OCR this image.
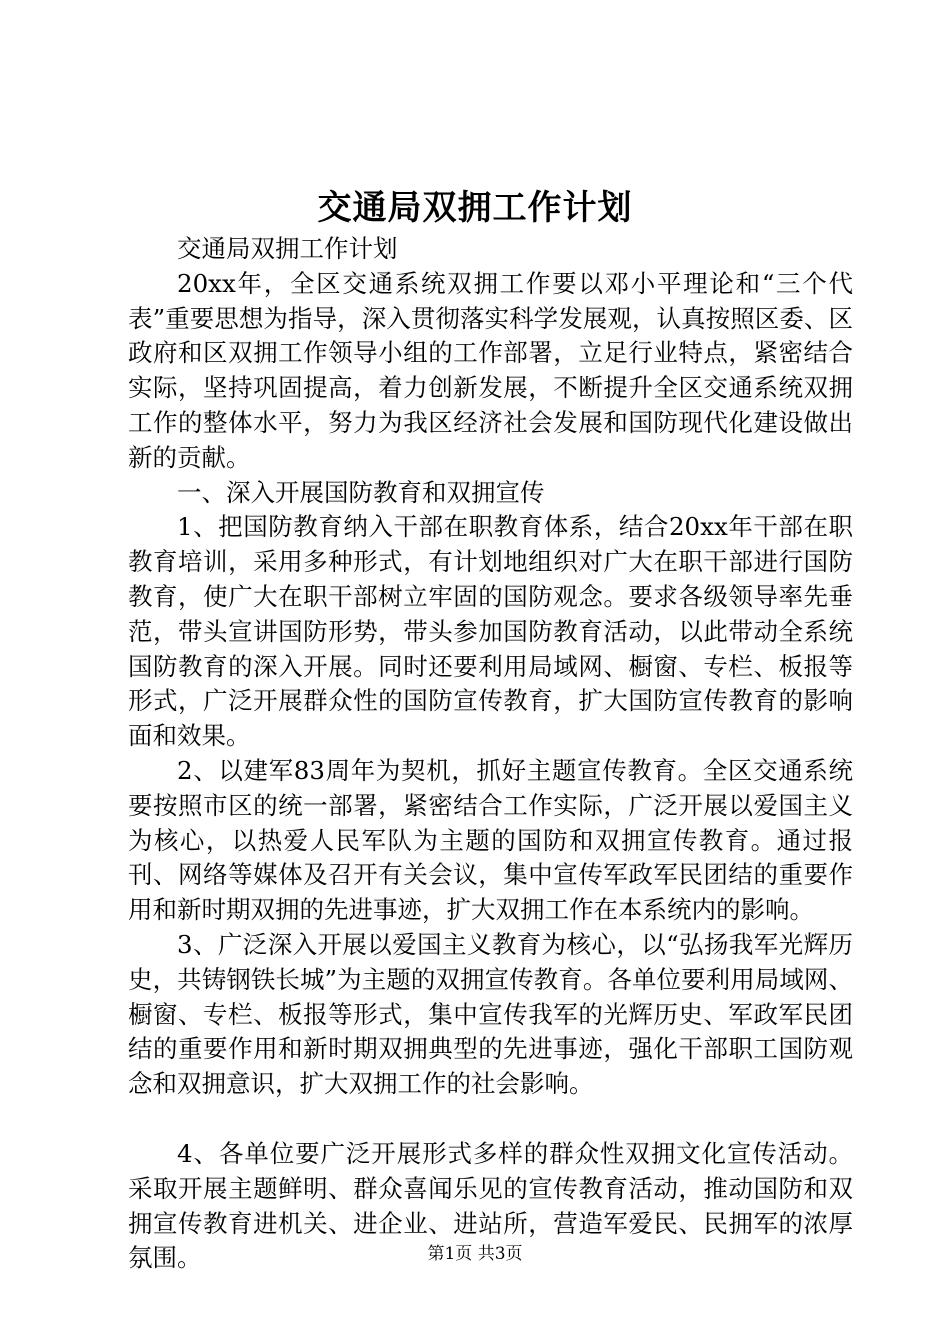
交通局双拥工作计划

交通局双拥工作计划

20xx年，全区交通系统双拥工作要以邓小平理论和“三个代表”重要思想为指导，深入贯彻落实科学发展观，认真按照区委、区政府和区双拥工作领导小组的工作部署，立足行业特点，紧密结合实际，坚持巩固提高，着力创新发展，不断提升全区交通系统双拥工作的整体水平，努力为我区经济社会发展和国防现代化建设做出新的贡献。

一、深入开展国防教育和双拥宣传

1、把国防教育纳入干部在职教育体系，结合20xx年干部在职教育培训，采用多种形式，有计划地组织对广大在职干部进行国防教育，使广大在职干部树立牢固的国防观念。要求各级领导率先垂范，带头宣讲国防形势，带头参加国防教育活动，以此带动全系统国防教育的深入开展。同时还要利用局域网、橱窗、专栏、板报等形式，广泛开展群众性的国防宣传教育，扩大国防宣传教育的影响面和效果。

2、以建军83周年为契机，抓好主题宣传教育。全区交通系统要按照市区的统一部署，紧密结合工作实际，广泛开展以爱国主义为核心，以热爱人民军队为主题的国防和双拥宣传教育。通过报刊、网络等媒体及召开有关会议，集中宣传军政军民团结的重要作用和新时期双拥的先进事迹，扩大双拥工作在本系统内的影响。

3、广泛深入开展以爱国主义教育为核心，以“弘扬我军光辉历史，共铸钢铁长城”为主题的双拥宣传教育。各单位要利用局域网、橱窗、专栏、板报等形式，集中宣传我军的光辉历史、军政军民团结的重要作用和新时期双拥典型的先进事迹，强化干部职工国防观念和双拥意识，扩大双拥工作的社会影响。

4、各单位要广泛开展形式多样的群众性双拥文化宣传活动。采取开展主题鲜明、群众喜闻乐见的宣传教育活动，推动国防和双拥宣传教育进机关、进企业、进站所，营造军爱民、民拥军的浓厚氛围。	第1页 共3页
